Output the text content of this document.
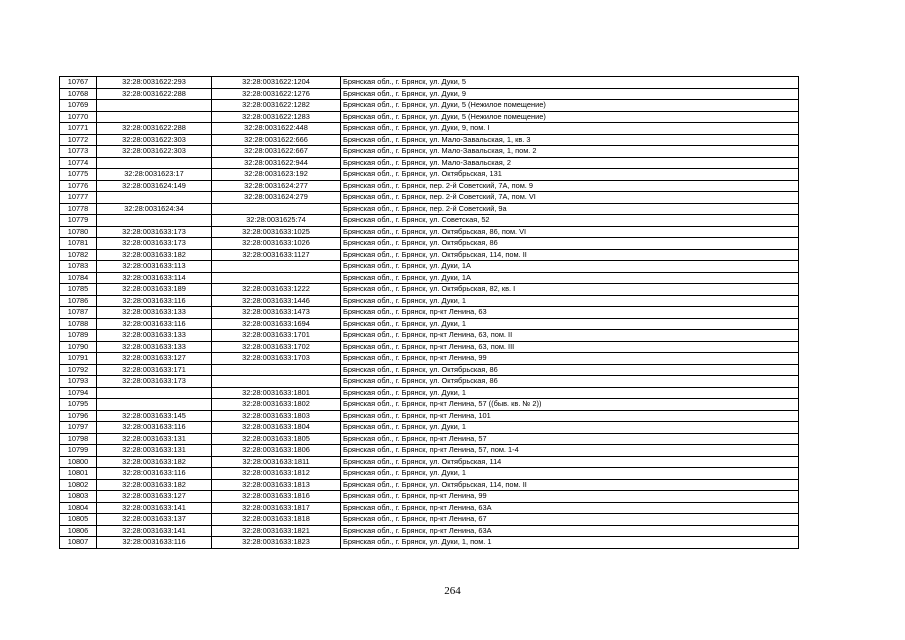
10767	32:28:0031622:293	32:28:0031622:1204	Брянская обл., г. Брянск, ул. Дуки, 5
10768	32:28:0031622:288	32:28:0031622:1276	Брянская обл., г. Брянск, ул. Дуки, 9
10769		32:28:0031622:1282	Брянская обл., г. Брянск, ул. Дуки, 5 (Нежилое помещение)
10770		32:28:0031622:1283	Брянская обл., г. Брянск, ул. Дуки, 5 (Нежилое помещение)
10771	32:28:0031622:288	32:28:0031622:448	Брянская обл., г. Брянск, ул. Дуки, 9, пом. I
10772	32:28:0031622:303	32:28:0031622:666	Брянская обл., г. Брянск, ул. Мало-Завальская, 1, кв. 3
10773	32:28:0031622:303	32:28:0031622:667	Брянская обл., г. Брянск, ул. Мало-Завальская, 1, пом. 2
10774		32:28:0031622:944	Брянская обл., г. Брянск, ул. Мало-Завальская, 2
10775	32:28:0031623:17	32:28:0031623:192	Брянская обл., г. Брянск, ул. Октябрьская, 131
10776	32:28:0031624:149	32:28:0031624:277	Брянская обл., г. Брянск, пер. 2-й Советский, 7А, пом. 9
10777		32:28:0031624:279	Брянская обл., г. Брянск, пер. 2-й Советский, 7А, пом. VI
10778	32:28:0031624:34		Брянская обл., г. Брянск, пер. 2-й Советский, 9а
10779		32:28:0031625:74	Брянская обл., г. Брянск, ул. Советская, 52
10780	32:28:0031633:173	32:28:0031633:1025	Брянская обл., г. Брянск, ул. Октябрьская, 86, пом. VI
10781	32:28:0031633:173	32:28:0031633:1026	Брянская обл., г. Брянск, ул. Октябрьская, 86
10782	32:28:0031633:182	32:28:0031633:1127	Брянская обл., г. Брянск, ул. Октябрьская, 114, пом. II
10783	32:28:0031633:113		Брянская обл., г. Брянск, ул. Дуки, 1А
10784	32:28:0031633:114		Брянская обл., г. Брянск, ул. Дуки, 1А
10785	32:28:0031633:189	32:28:0031633:1222	Брянская обл., г. Брянск, ул. Октябрьская, 82, кв. I
10786	32:28:0031633:116	32:28:0031633:1446	Брянская обл., г. Брянск, ул. Дуки, 1
10787	32:28:0031633:133	32:28:0031633:1473	Брянская обл., г. Брянск, пр-кт Ленина, 63
10788	32:28:0031633:116	32:28:0031633:1694	Брянская обл., г. Брянск, ул. Дуки, 1
10789	32:28:0031633:133	32:28:0031633:1701	Брянская обл., г. Брянск, пр-кт Ленина, 63, пом. II
10790	32:28:0031633:133	32:28:0031633:1702	Брянская обл., г. Брянск, пр-кт Ленина, 63, пом. III
10791	32:28:0031633:127	32:28:0031633:1703	Брянская обл., г. Брянск, пр-кт Ленина, 99
10792	32:28:0031633:171		Брянская обл., г. Брянск, ул. Октябрьская, 86
10793	32:28:0031633:173		Брянская обл., г. Брянск, ул. Октябрьская, 86
10794		32:28:0031633:1801	Брянская обл., г. Брянск, ул. Дуки, 1
10795		32:28:0031633:1802	Брянская обл., г. Брянск, пр-кт Ленина, 57 ((быв. кв. № 2))
10796	32:28:0031633:145	32:28:0031633:1803	Брянская обл., г. Брянск, пр-кт Ленина, 101
10797	32:28:0031633:116	32:28:0031633:1804	Брянская обл., г. Брянск, ул. Дуки, 1
10798	32:28:0031633:131	32:28:0031633:1805	Брянская обл., г. Брянск, пр-кт Ленина, 57
10799	32:28:0031633:131	32:28:0031633:1806	Брянская обл., г. Брянск, пр-кт Ленина, 57, пом. 1-4
10800	32:28:0031633:182	32:28:0031633:1811	Брянская обл., г. Брянск, ул. Октябрьская, 114
10801	32:28:0031633:116	32:28:0031633:1812	Брянская обл., г. Брянск, ул. Дуки, 1
10802	32:28:0031633:182	32:28:0031633:1813	Брянская обл., г. Брянск, ул. Октябрьская, 114, пом. II
10803	32:28:0031633:127	32:28:0031633:1816	Брянская обл., г. Брянск, пр-кт Ленина, 99
10804	32:28:0031633:141	32:28:0031633:1817	Брянская обл., г. Брянск, пр-кт Ленина, 63А
10805	32:28:0031633:137	32:28:0031633:1818	Брянская обл., г. Брянск, пр-кт Ленина, 67
10806	32:28:0031633:141	32:28:0031633:1821	Брянская обл., г. Брянск, пр-кт Ленина, 63А
10807	32:28:0031633:116	32:28:0031633:1823	Брянская обл., г. Брянск, ул. Дуки, 1, пом. 1
264
